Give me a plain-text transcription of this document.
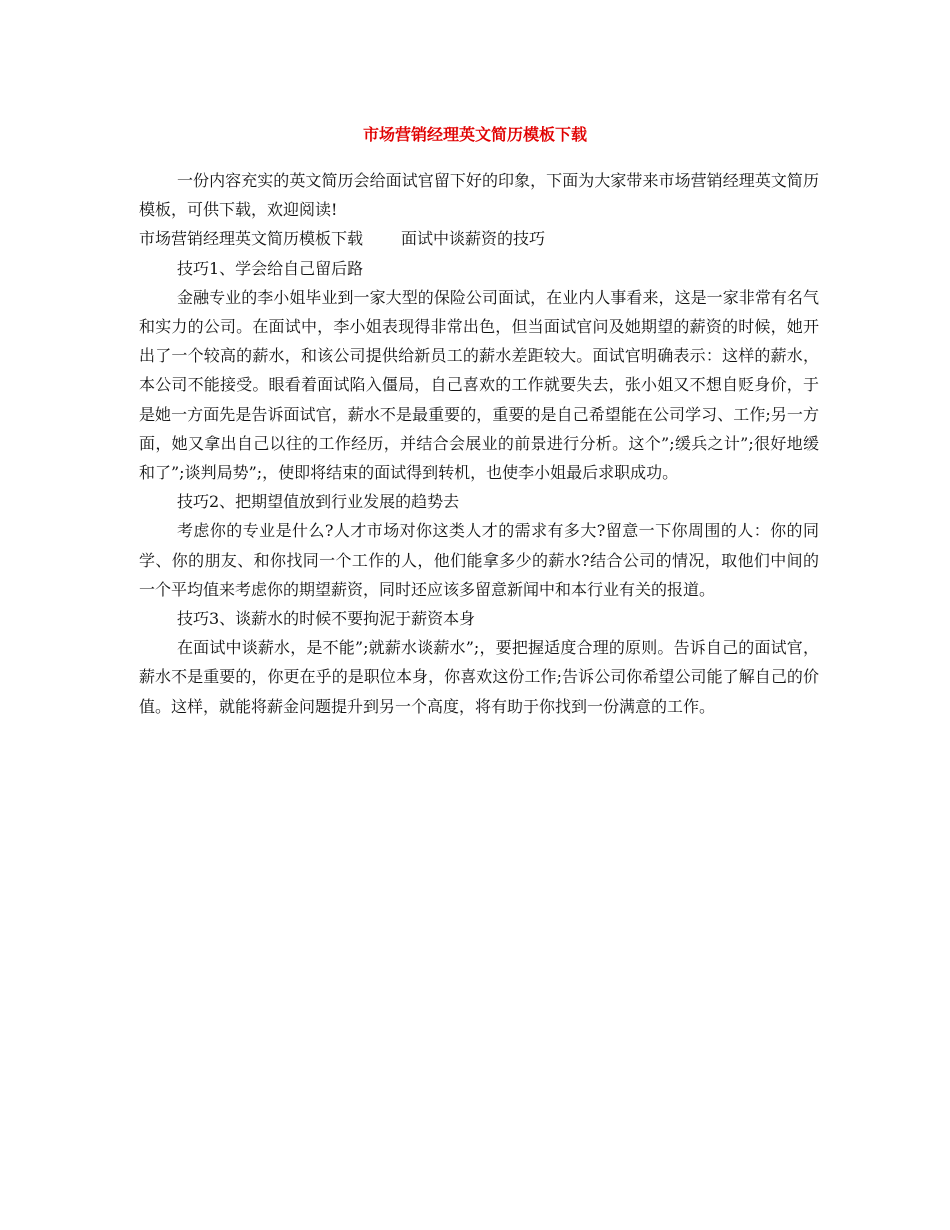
市场营销经理英文简历模板下载

一份内容充实的英文简历会给面试官留下好的印象，下面为大家带来市场营销经理英文简历模板，可供下载，欢迎阅读!

市场营销经理英文简历模板下载 面试中谈薪资的技巧

技巧1、学会给自己留后路

金融专业的李小姐毕业到一家大型的保险公司面试，在业内人事看来，这是一家非常有名气和实力的公司。在面试中，李小姐表现得非常出色，但当面试官问及她期望的薪资的时候，她开出了一个较高的薪水，和该公司提供给新员工的薪水差距较大。面试官明确表示：这样的薪水，本公司不能接受。眼看着面试陷入僵局，自己喜欢的工作就要失去，张小姐又不想自贬身价，于是她一方面先是告诉面试官，薪水不是最重要的，重要的是自己希望能在公司学习、工作;另一方面，她又拿出自己以往的工作经历，并结合会展业的前景进行分析。这个”;缓兵之计”;很好地缓和了”;谈判局势”;，使即将结束的面试得到转机，也使李小姐最后求职成功。

技巧2、把期望值放到行业发展的趋势去

考虑你的专业是什么?人才市场对你这类人才的需求有多大?留意一下你周围的人：你的同学、你的朋友、和你找同一个工作的人，他们能拿多少的薪水?结合公司的情况，取他们中间的一个平均值来考虑你的期望薪资，同时还应该多留意新闻中和本行业有关的报道。

技巧3、谈薪水的时候不要拘泥于薪资本身

在面试中谈薪水，是不能”;就薪水谈薪水”;，要把握适度合理的原则。告诉自己的面试官，薪水不是重要的，你更在乎的是职位本身，你喜欢这份工作;告诉公司你希望公司能了解自己的价值。这样，就能将薪金问题提升到另一个高度，将有助于你找到一份满意的工作。
